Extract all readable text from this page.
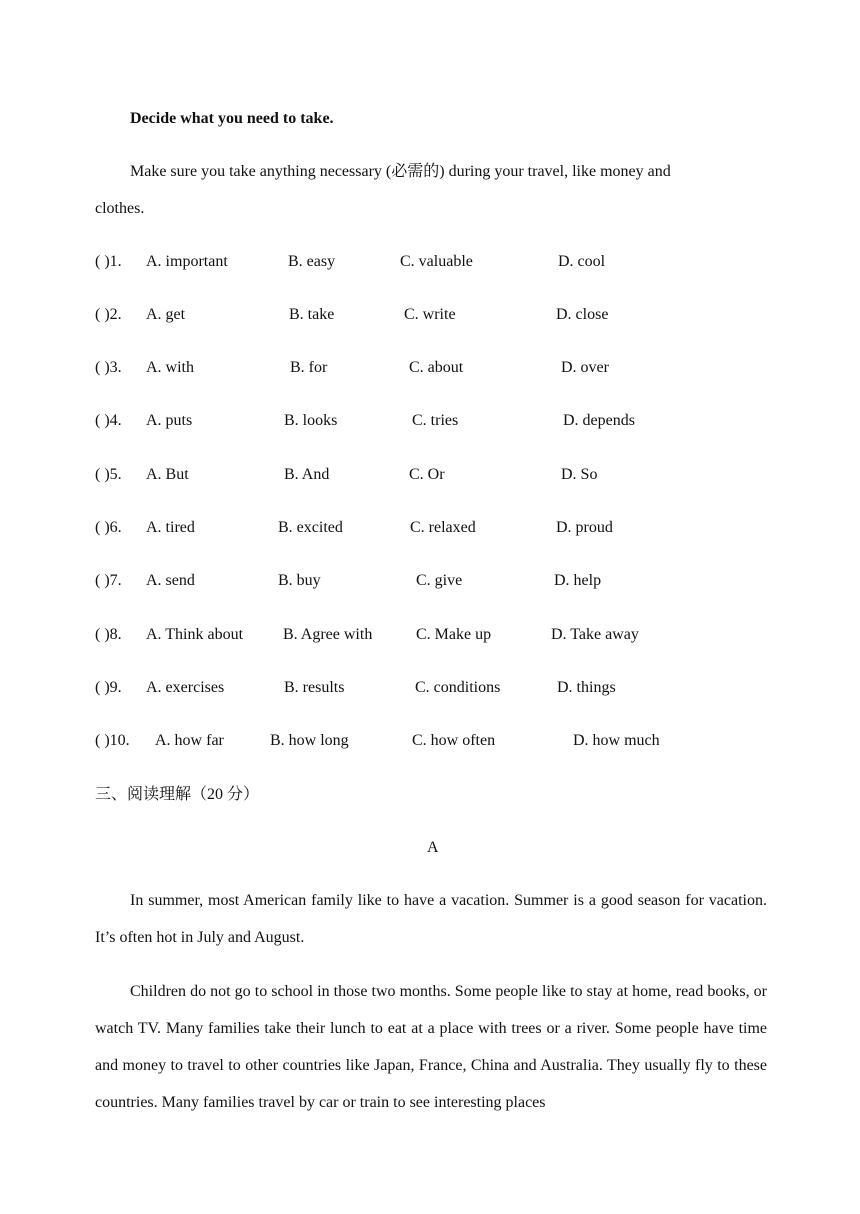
Decide what you need to take.
Make sure you take anything necessary (必需的) during your travel, like money and
clothes.
( )1. A. important	B. easy	C. valuable	D. cool
( )2. A. get	B. take	C. write	D. close
( )3. A. with	B. for	C. about	D. over
( )4. A. puts	B. looks	C. tries	D. depends
( )5. A. But	B. And	C. Or	D. So
( )6. A. tired	B. excited	C. relaxed	D. proud
( )7. A. send	B. buy	C. give	D. help
( )8. A. Think about B. Agree with	C. Make up	D. Take away
( )9. A. exercises	B. results	C. conditions	D. things
( )10. A. how far	B. how long	C. how often	D. how much
三、阅读理解（20 分）
A
In summer, most American family like to have a vacation. Summer is a good season for vacation. It’s often hot in July and August.
Children do not go to school in those two months. Some people like to stay at home, read books, or watch TV. Many families take their lunch to eat at a place with trees or a river. Some people have time and money to travel to other countries like Japan, France, China and Australia. They usually fly to these countries. Many families travel by car or train to see interesting places
